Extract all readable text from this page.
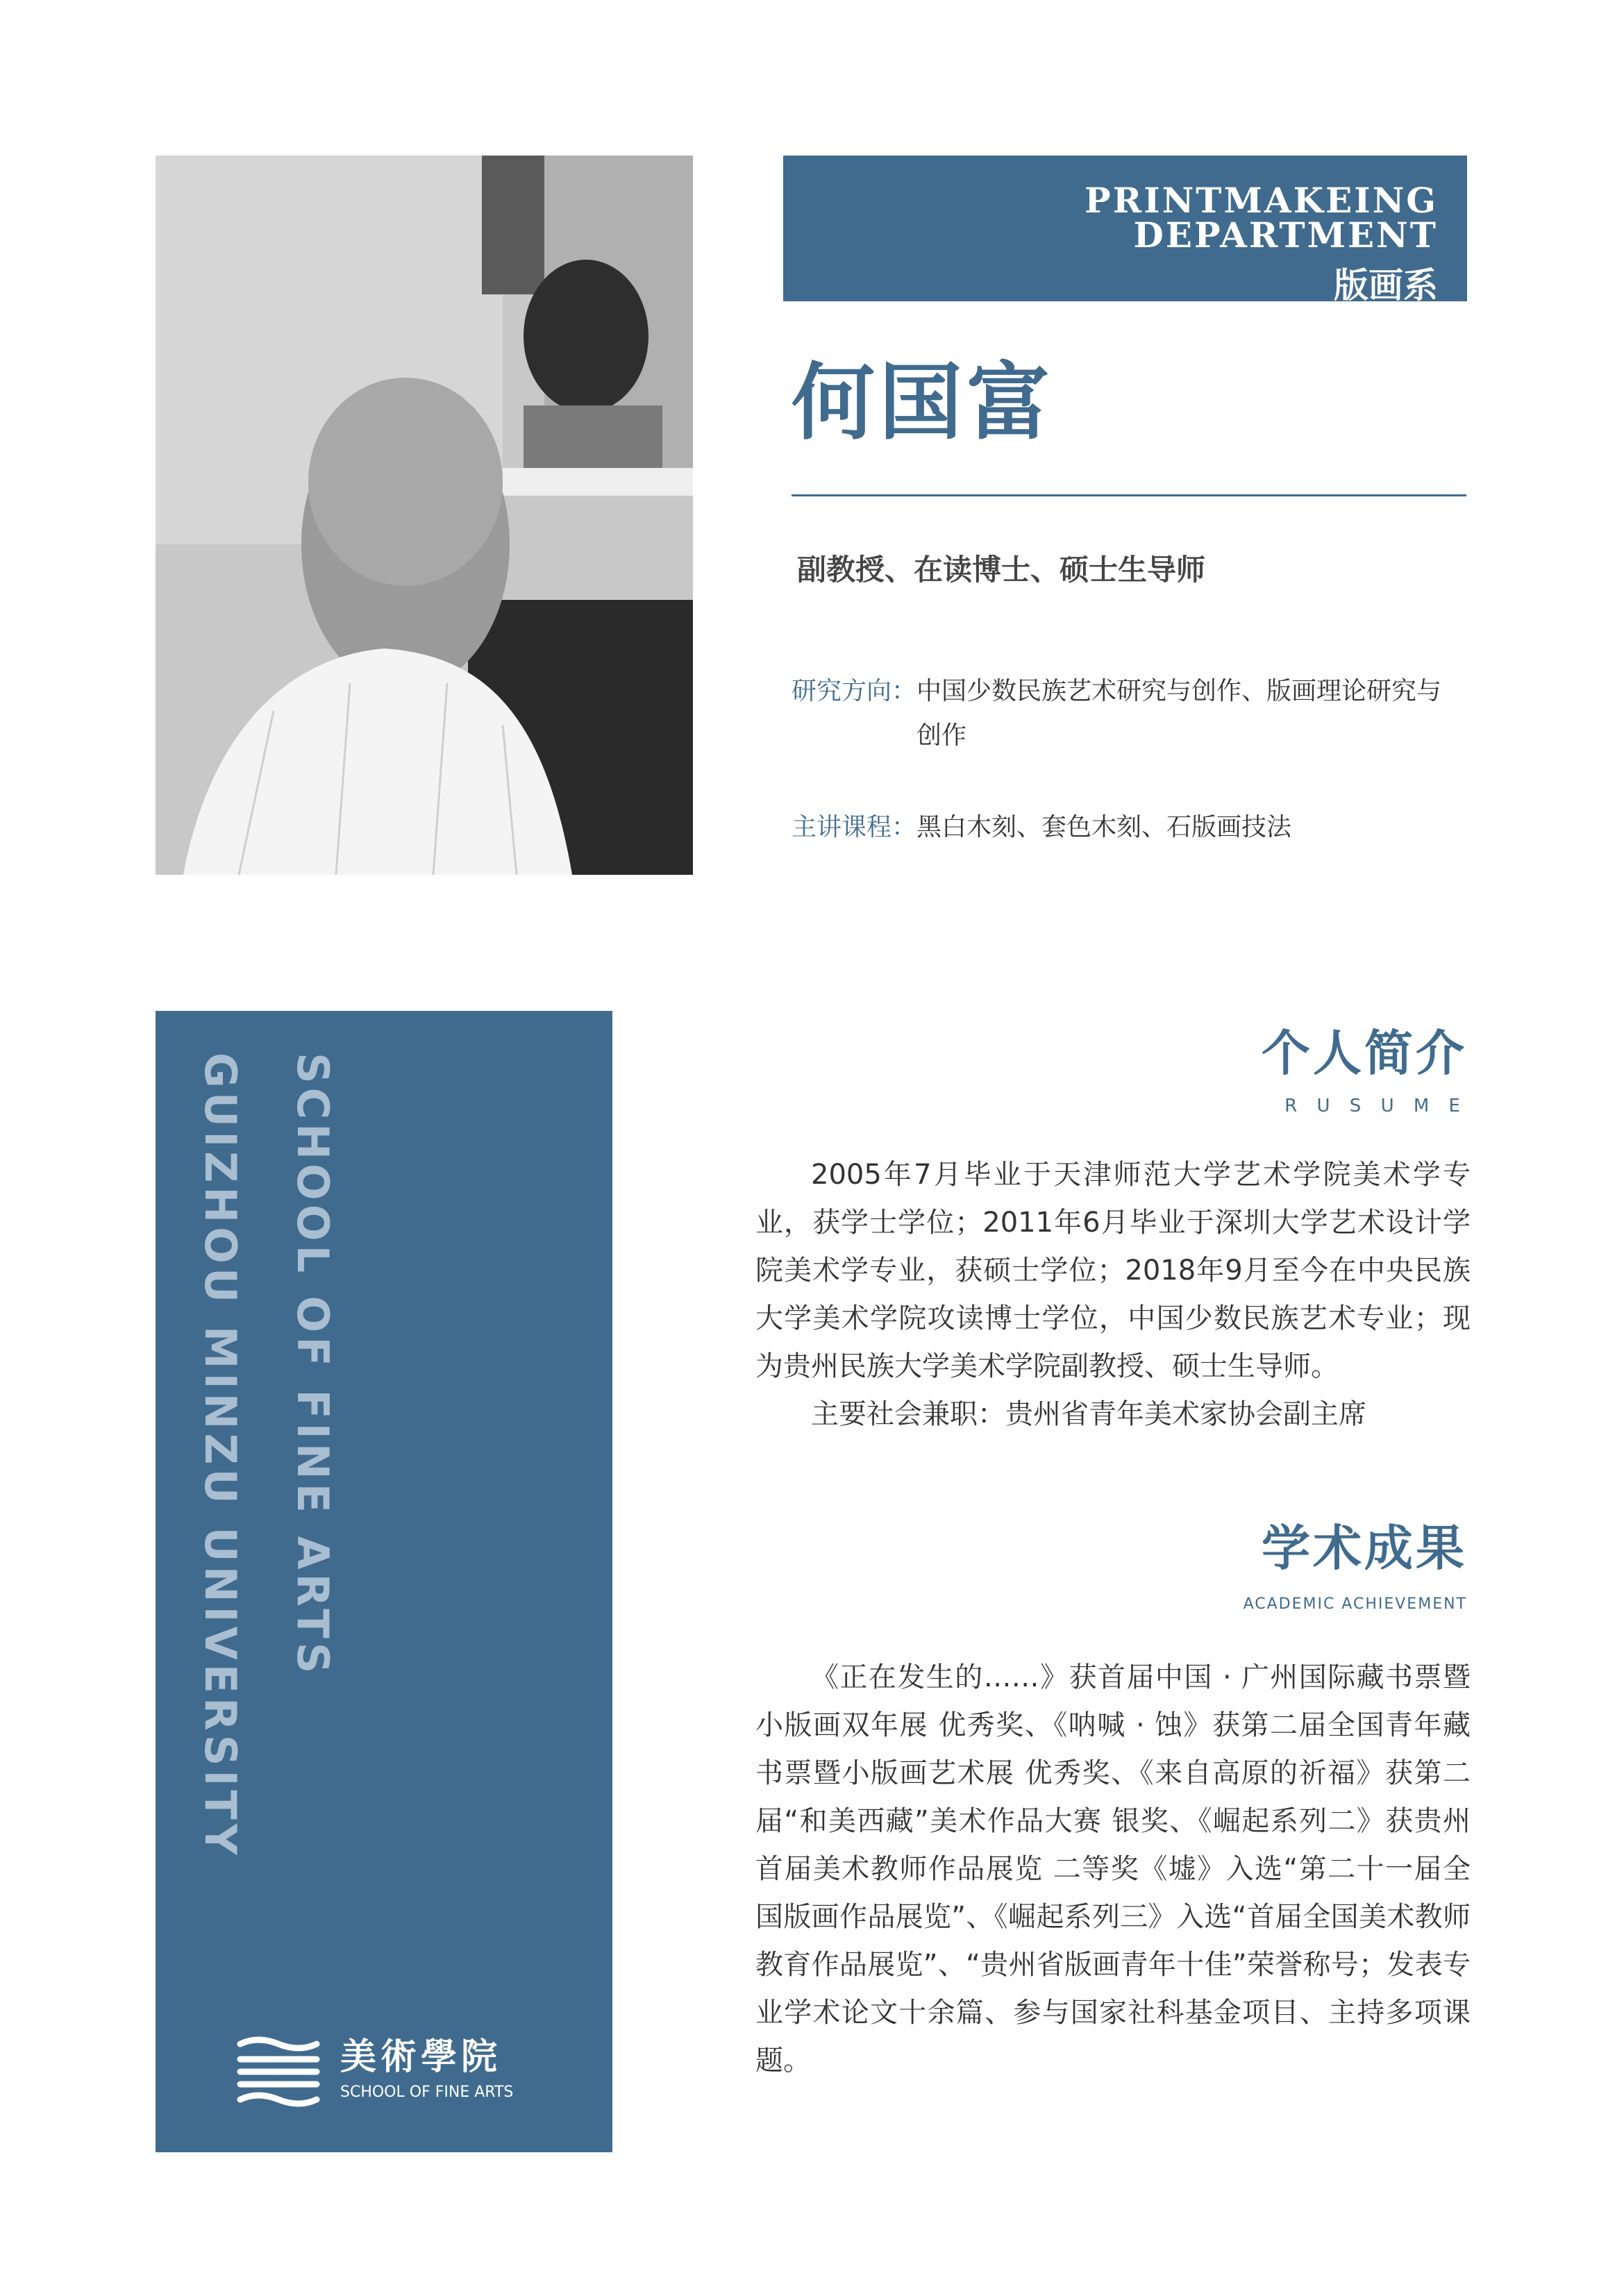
PRINTMAKEING DEPARTMENT
版画系
何国富
副教授、在读博士、硕士生导师
研究方向： 中国少数民族艺术研究与创作、版画理论研究与创作
主讲课程： 黑白木刻、套色木刻、石版画技法
SCHOOL OF FINE ARTS
GUIZHOU MINZU UNIVERSITY
美術學院
SCHOOL OF FINE ARTS
个人简介
R U S U M E

2005年7月毕业于天津师范大学艺术学院美术学专业，获学士学位；2011年6月毕业于深圳大学艺术设计学院美术学专业，获硕士学位；2018年9月至今在中央民族大学美术学院攻读博士学位，中国少数民族艺术专业；现为贵州民族大学美术学院副教授、硕士生导师。

主要社会兼职：贵州省青年美术家协会副主席

学术成果
ACADEMIC ACHIEVEMENT

《正在发生的……》获首届中国 · 广州国际藏书票暨小版画双年展 优秀奖、《呐喊 · 蚀》获第二届全国青年藏书票暨小版画艺术展 优秀奖、《来自高原的祈福》获第二届“和美西藏”美术作品大赛 银奖、《崛起系列二》获贵州首届美术教师作品展览 二等奖《墟》入选“第二十一届全国版画作品展览”、《崛起系列三》入选“首届全国美术教师教育作品展览”、“贵州省版画青年十佳”荣誉称号；发表专业学术论文十余篇、参与国家社科基金项目、主持多项课题。
